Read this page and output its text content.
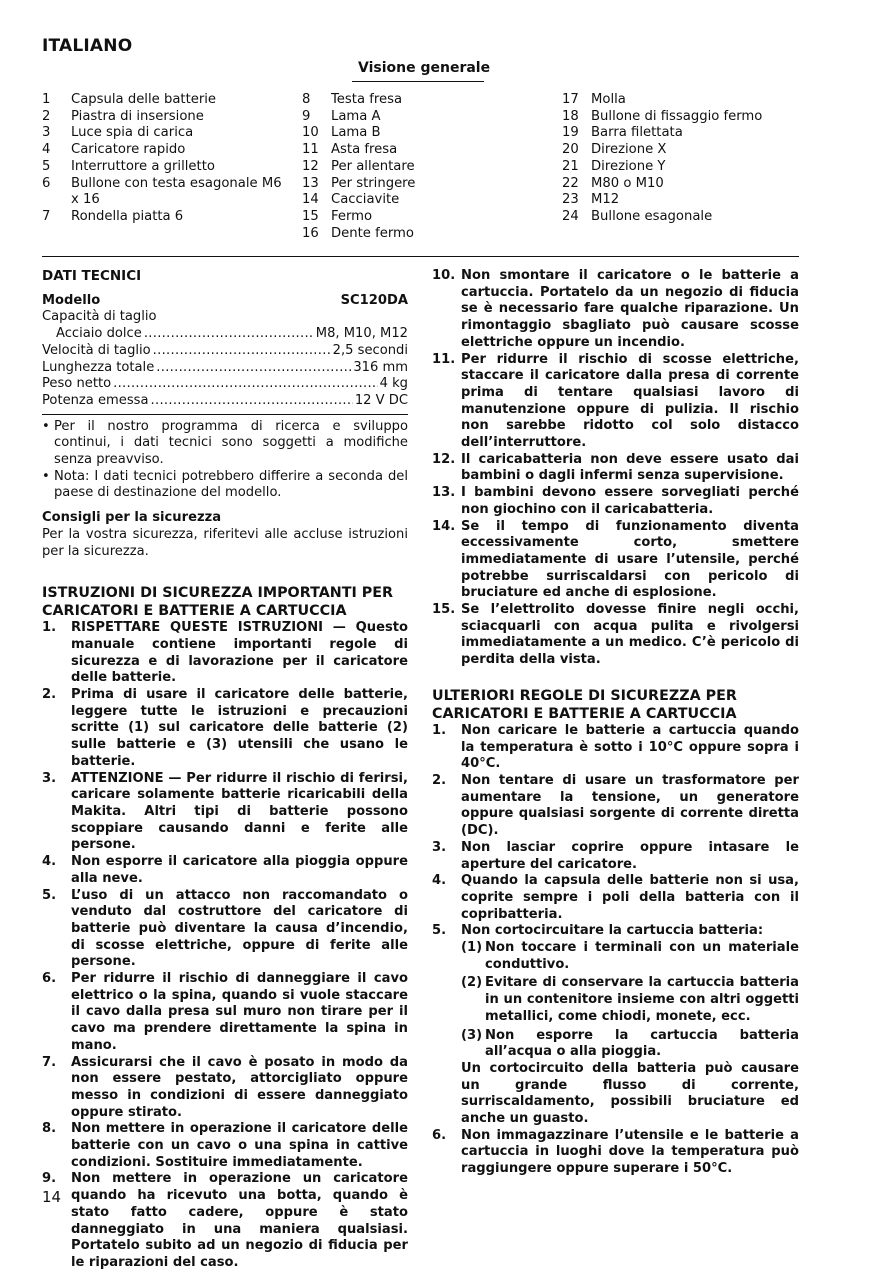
ITALIANO
Visione generale
1	Capsula delle batterie
2	Piastra di insersione
3	Luce spia di carica
4	Caricatore rapido
5	Interruttore a grilletto
6	Bullone con testa esagonale M6 x 16
7	Rondella piatta 6
8	Testa fresa
9	Lama A
10 Lama B
11 Asta fresa
12 Per allentare
13 Per stringere
14 Cacciavite
15 Fermo
16 Dente fermo
17 Molla
18 Bullone di fissaggio fermo
19 Barra filettata
20 Direzione X
21 Direzione Y
22 M80 o M10
23 M12
24 Bullone esagonale
DATI TECNICI
Modello	SC120DA
Capacità di taglio
Acciaio dolce .....	M8, M10, M12
Velocità di taglio .....	2,5 secondi
Lunghezza totale .....	316 mm
Peso netto .....	4 kg
Potenza emessa .....	12 V DC
• Per il nostro programma di ricerca e sviluppo continui, i dati tecnici sono soggetti a modifiche senza preavviso.
• Nota: I dati tecnici potrebbero differire a seconda del paese di destinazione del modello.
Consigli per la sicurezza
Per la vostra sicurezza, riferitevi alle accluse istruzioni per la sicurezza.
ISTRUZIONI DI SICUREZZA IMPORTANTI PER CARICATORI E BATTERIE A CARTUCCIA
1.	RISPETTARE QUESTE ISTRUZIONI — Questo manuale contiene importanti regole di sicurezza e di lavorazione per il caricatore delle batterie.
2.	Prima di usare il caricatore delle batterie, leggere tutte le istruzioni e precauzioni scritte (1) sul caricatore delle batterie (2) sulle batterie e (3) utensili che usano le batterie.
3.	ATTENZIONE — Per ridurre il rischio di ferirsi, caricare solamente batterie ricaricabili della Makita. Altri tipi di batterie possono scoppiare causando danni e ferite alle persone.
4.	Non esporre il caricatore alla pioggia oppure alla neve.
5.	L’uso di un attacco non raccomandato o venduto dal costruttore del caricatore di batterie può diventare la causa d’incendio, di scosse elettriche, oppure di ferite alle persone.
6.	Per ridurre il rischio di danneggiare il cavo elettrico o la spina, quando si vuole staccare il cavo dalla presa sul muro non tirare per il cavo ma prendere direttamente la spina in mano.
7.	Assicurarsi che il cavo è posato in modo da non essere pestato, attorcigliato oppure messo in condizioni di essere danneggiato oppure stirato.
8.	Non mettere in operazione il caricatore delle batterie con un cavo o una spina in cattive condizioni. Sostituire immediatamente.
9.	Non mettere in operazione un caricatore quando ha ricevuto una botta, quando è stato fatto cadere, oppure è stato danneggiato in una maniera qualsiasi. Portatelo subito ad un negozio di fiducia per le riparazioni del caso.
10. Non smontare il caricatore o le batterie a cartuccia. Portatelo da un negozio di fiducia se è necessario fare qualche riparazione. Un rimontaggio sbagliato può causare scosse elettriche oppure un incendio.
11. Per ridurre il rischio di scosse elettriche, staccare il caricatore dalla presa di corrente prima di tentare qualsiasi lavoro di manutenzione oppure di pulizia. Il rischio non sarebbe ridotto col solo distacco dell’interruttore.
12. Il caricabatteria non deve essere usato dai bambini o dagli infermi senza supervisione.
13. I bambini devono essere sorvegliati perché non giochino con il caricabatteria.
14. Se il tempo di funzionamento diventa eccessivamente corto, smettere immediatamente di usare l’utensile, perché potrebbe surriscaldarsi con pericolo di bruciature ed anche di esplosione.
15. Se l’elettrolito dovesse finire negli occhi, sciacquarli con acqua pulita e rivolgersi immediatamente a un medico. C’è pericolo di perdita della vista.
ULTERIORI REGOLE DI SICUREZZA PER CARICATORI E BATTERIE A CARTUCCIA
1.	Non caricare le batterie a cartuccia quando la temperatura è sotto i 10°C oppure sopra i 40°C.
2.	Non tentare di usare un trasformatore per aumentare la tensione, un generatore oppure qualsiasi sorgente di corrente diretta (DC).
3.	Non lasciar coprire oppure intasare le aperture del caricatore.
4.	Quando la capsula delle batterie non si usa, coprite sempre i poli della batteria con il copribatteria.
5.	Non cortocircuitare la cartuccia batteria:
(1) Non toccare i terminali con un materiale conduttivo.
(2) Evitare di conservare la cartuccia batteria in un contenitore insieme con altri oggetti metallici, come chiodi, monete, ecc.
(3) Non esporre la cartuccia batteria all’acqua o alla pioggia.
Un cortocircuito della batteria può causare un grande flusso di corrente, surriscaldamento, possibili bruciature ed anche un guasto.
6.	Non immagazzinare l’utensile e le batterie a cartuccia in luoghi dove la temperatura può raggiungere oppure superare i 50°C.
14
